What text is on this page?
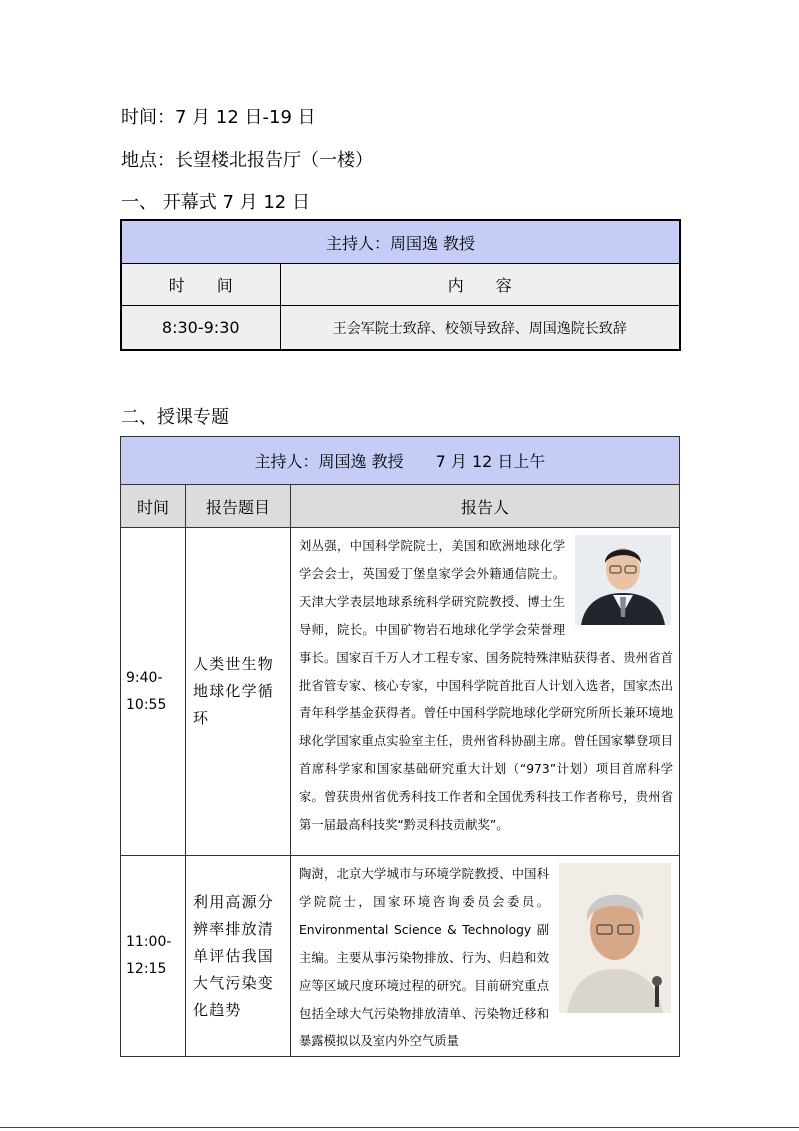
时间：7 月 12 日-19 日

地点：长望楼北报告厅（一楼）

一、 开幕式 7 月 12 日

主持人：周国逸 教授	
时　　间	内　　容
8:30-9:30	王会军院士致辞、校领导致辞、周国逸院长致辞

二、授课专题

主持人：周国逸 教授　　7 月 12 日上午		
时间	报告题目	报告人
9:40-10:55	人类世生物地球化学循环	刘丛强，中国科学院院士，美国和欧洲地球化学学会会士，英国爱丁堡皇家学会外籍通信院士。天津大学表层地球系统科学研究院教授、博士生导师，院长。中国矿物岩石地球化学学会荣誉理事长。国家百千万人才工程专家、国务院特殊津贴获得者、贵州省首批省管专家、核心专家，中国科学院首批百人计划入选者，国家杰出青年科学基金获得者。曾任中国科学院地球化学研究所所长兼环境地球化学国家重点实验室主任，贵州省科协副主席。曾任国家攀登项目首席科学家和国家基础研究重大计划（“973”计划）项目首席科学家。曾获贵州省优秀科技工作者和全国优秀科技工作者称号，贵州省第一届最高科技奖“黔灵科技贡献奖”。

11:00-12:15	利用高源分辨率排放清单评估我国大气污染变化趋势	陶澍，北京大学城市与环境学院教授、中国科学院院士，国家环境咨询委员会委员。Environmental Science & Technology 副主编。主要从事污染物排放、行为、归趋和效应等区域尺度环境过程的研究。目前研究重点包括全球大气污染物排放清单、污染物迁移和暴露模拟以及室内外空气质量
